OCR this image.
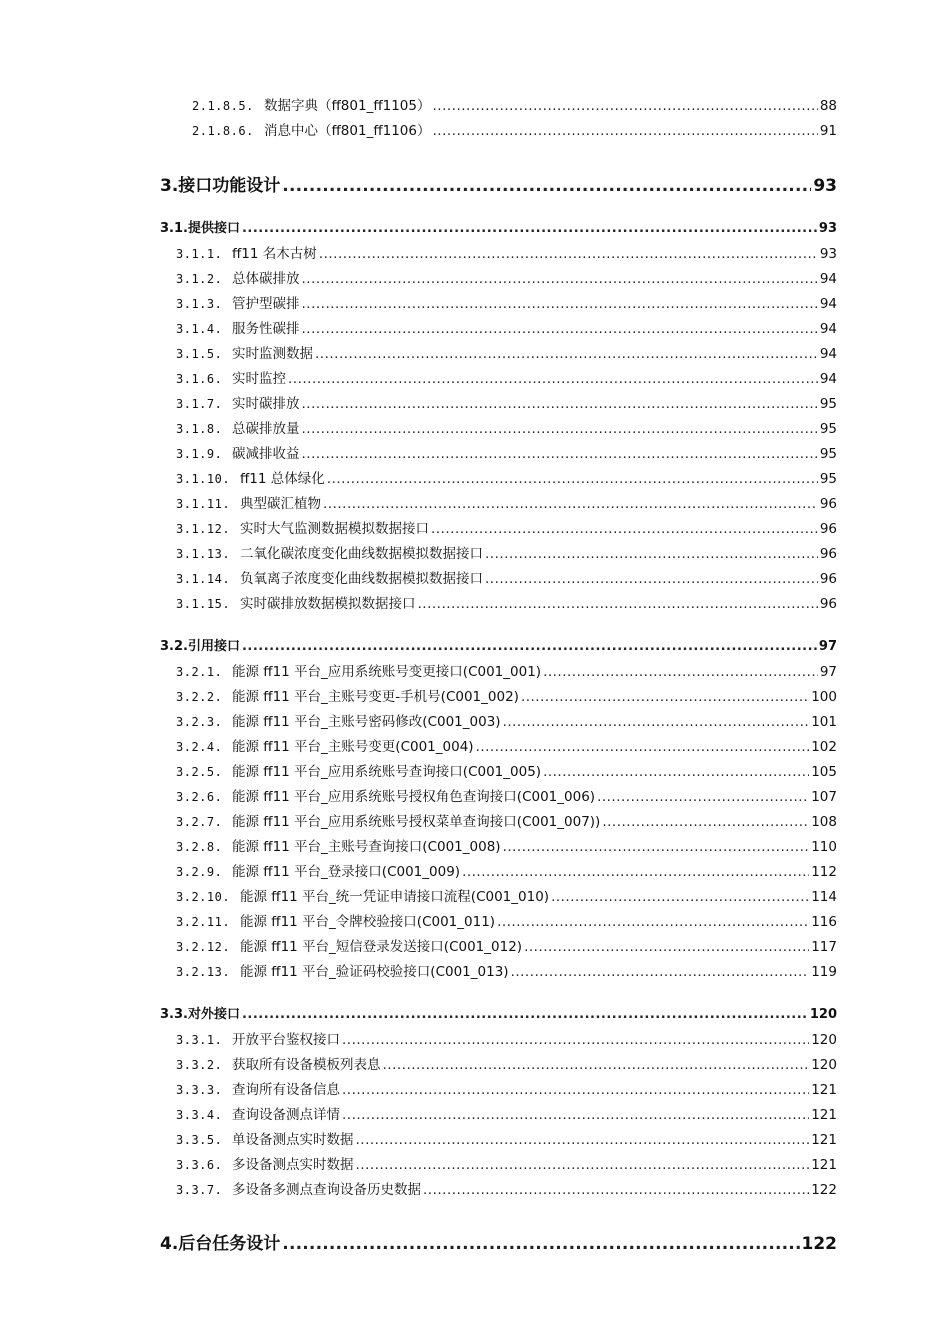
2.1.8.5. 数据字典（ff801_ff1105） .....	88
2.1.8.6. 消息中心（ff801_ff1106） .....	91
3. 接口功能设计 .....	93
3.1. 提供接口 .....	93
3.1.1. ff11 名木古树 .....	93
3.1.2. 总体碳排放 .....	94
3.1.3. 管护型碳排 .....	94
3.1.4. 服务性碳排 .....	94
3.1.5. 实时监测数据 .....	94
3.1.6. 实时监控 .....	94
3.1.7. 实时碳排放 .....	95
3.1.8. 总碳排放量 .....	95
3.1.9. 碳减排收益 .....	95
3.1.10. ff11 总体绿化 .....	95
3.1.11. 典型碳汇植物 .....	96
3.1.12. 实时大气监测数据模拟数据接口 .....	96
3.1.13. 二氧化碳浓度变化曲线数据模拟数据接口 .....	96
3.1.14. 负氧离子浓度变化曲线数据模拟数据接口 .....	96
3.1.15. 实时碳排放数据模拟数据接口 .....	96
3.2. 引用接口 .....	97
3.2.1. 能源 ff11 平台_应用系统账号变更接口(C001_001) .....	97
3.2.2. 能源 ff11 平台_主账号变更-手机号(C001_002) .....	100
3.2.3. 能源 ff11 平台_主账号密码修改(C001_003) .....	101
3.2.4. 能源 ff11 平台_主账号变更(C001_004) .....	102
3.2.5. 能源 ff11 平台_应用系统账号查询接口(C001_005) .....	105
3.2.6. 能源 ff11 平台_应用系统账号授权角色查询接口(C001_006) .....	107
3.2.7. 能源 ff11 平台_应用系统账号授权菜单查询接口(C001_007)) .....	108
3.2.8. 能源 ff11 平台_主账号查询接口(C001_008) .....	110
3.2.9. 能源 ff11 平台_登录接口(C001_009) .....	112
3.2.10. 能源 ff11 平台_统一凭证申请接口流程(C001_010) .....	114
3.2.11. 能源 ff11 平台_令牌校验接口(C001_011) .....	116
3.2.12. 能源 ff11 平台_短信登录发送接口(C001_012) .....	117
3.2.13. 能源 ff11 平台_验证码校验接口(C001_013) .....	119
3.3. 对外接口 .....	120
3.3.1. 开放平台鉴权接口 .....	120
3.3.2. 获取所有设备模板列表息 .....	120
3.3.3. 查询所有设备信息 .....	121
3.3.4. 查询设备测点详情 .....	121
3.3.5. 单设备测点实时数据 .....	121
3.3.6. 多设备测点实时数据 .....	121
3.3.7. 多设备多测点查询设备历史数据 .....	122
4. 后台任务设计 .....	122
